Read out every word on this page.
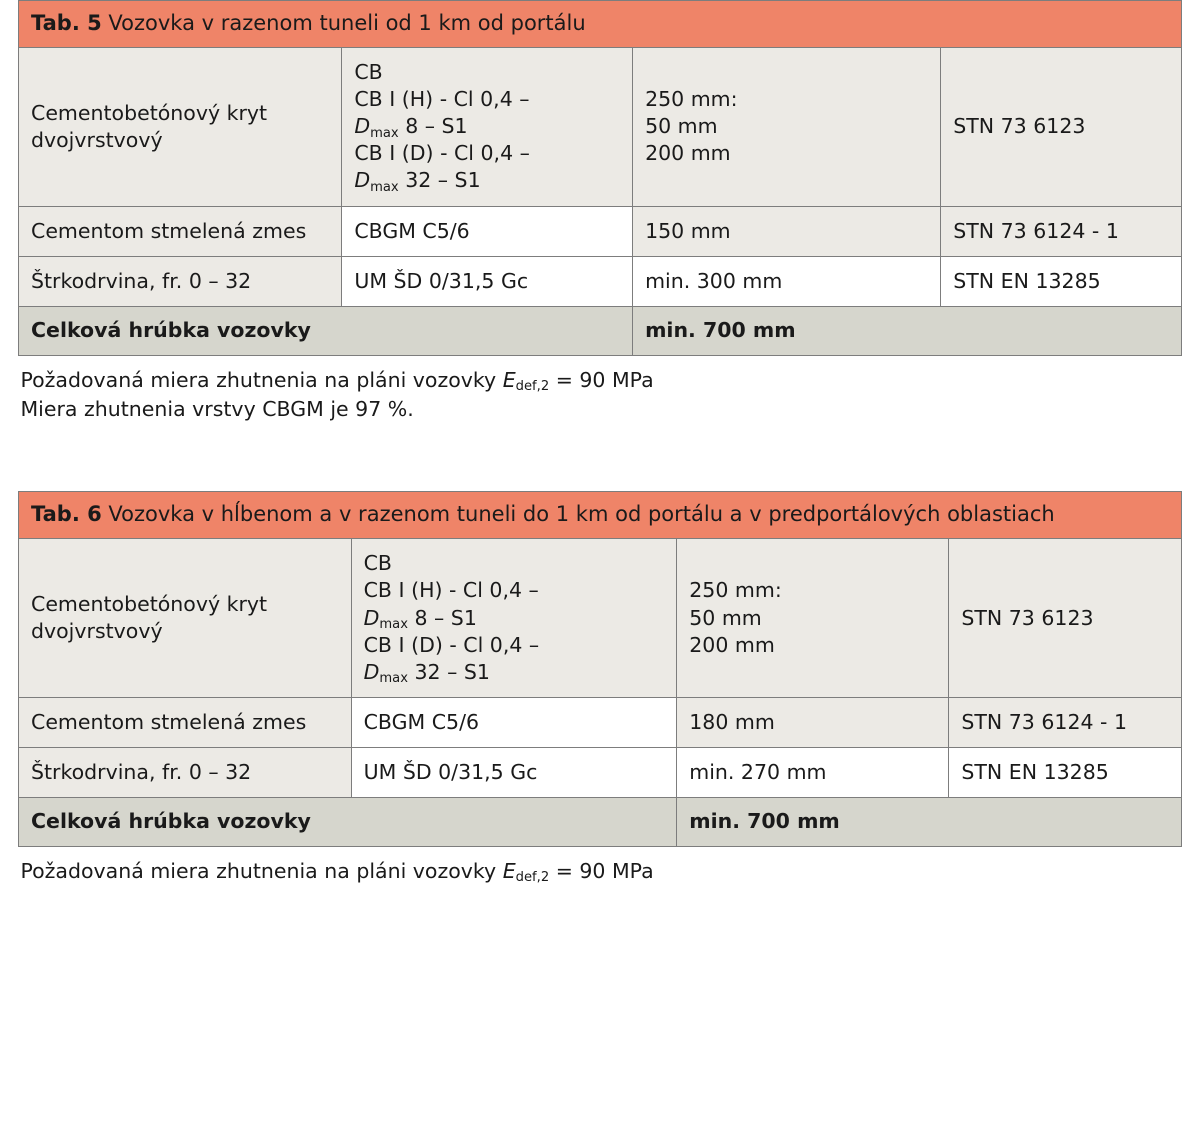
Tab. 5 Vozovka v razenom tuneli od 1 km od portálu			
Cementobetónový kryt dvojvrstvový	CB
CB I (H) - Cl 0,4 –
$D_{max}$ 8 – S1
CB I (D) - Cl 0,4 –
$D_{max}$ 32 – S1	250 mm:
50 mm
200 mm	STN 73 6123
Cementom stmelená zmes	CBGM C5/6	150 mm	STN 73 6124 - 1
Štrkodrvina, fr. 0 – 32	UM ŠD 0/31,5 Gc	min. 300 mm	STN EN 13285
Celková hrúbka vozovky		min. 700 mm	

Požadovaná miera zhutnenia na pláni vozovky $E_{def,2} = 90$ MPa
Miera zhutnenia vrstvy CBGM je 97 %.			
Tab. 6 Vozovka v hĺbenom a v razenom tuneli do 1 km od portálu a v predportálových oblastiach			
Cementobetónový kryt dvojvrstvový	CB
CB I (H) - Cl 0,4 –
$D_{max}$ 8 – S1
CB I (D) - Cl 0,4 –
$D_{max}$ 32 – S1	250 mm:
50 mm
200 mm	STN 73 6123
Cementom stmelená zmes	CBGM C5/6	180 mm	STN 73 6124 - 1
Štrkodrvina, fr. 0 – 32	UM ŠD 0/31,5 Gc	min. 270 mm	STN EN 13285
Celková hrúbka vozovky		min. 700 mm	

Požadovaná miera zhutnenia na pláni vozovky $E_{def,2} = 90$ MPa			
